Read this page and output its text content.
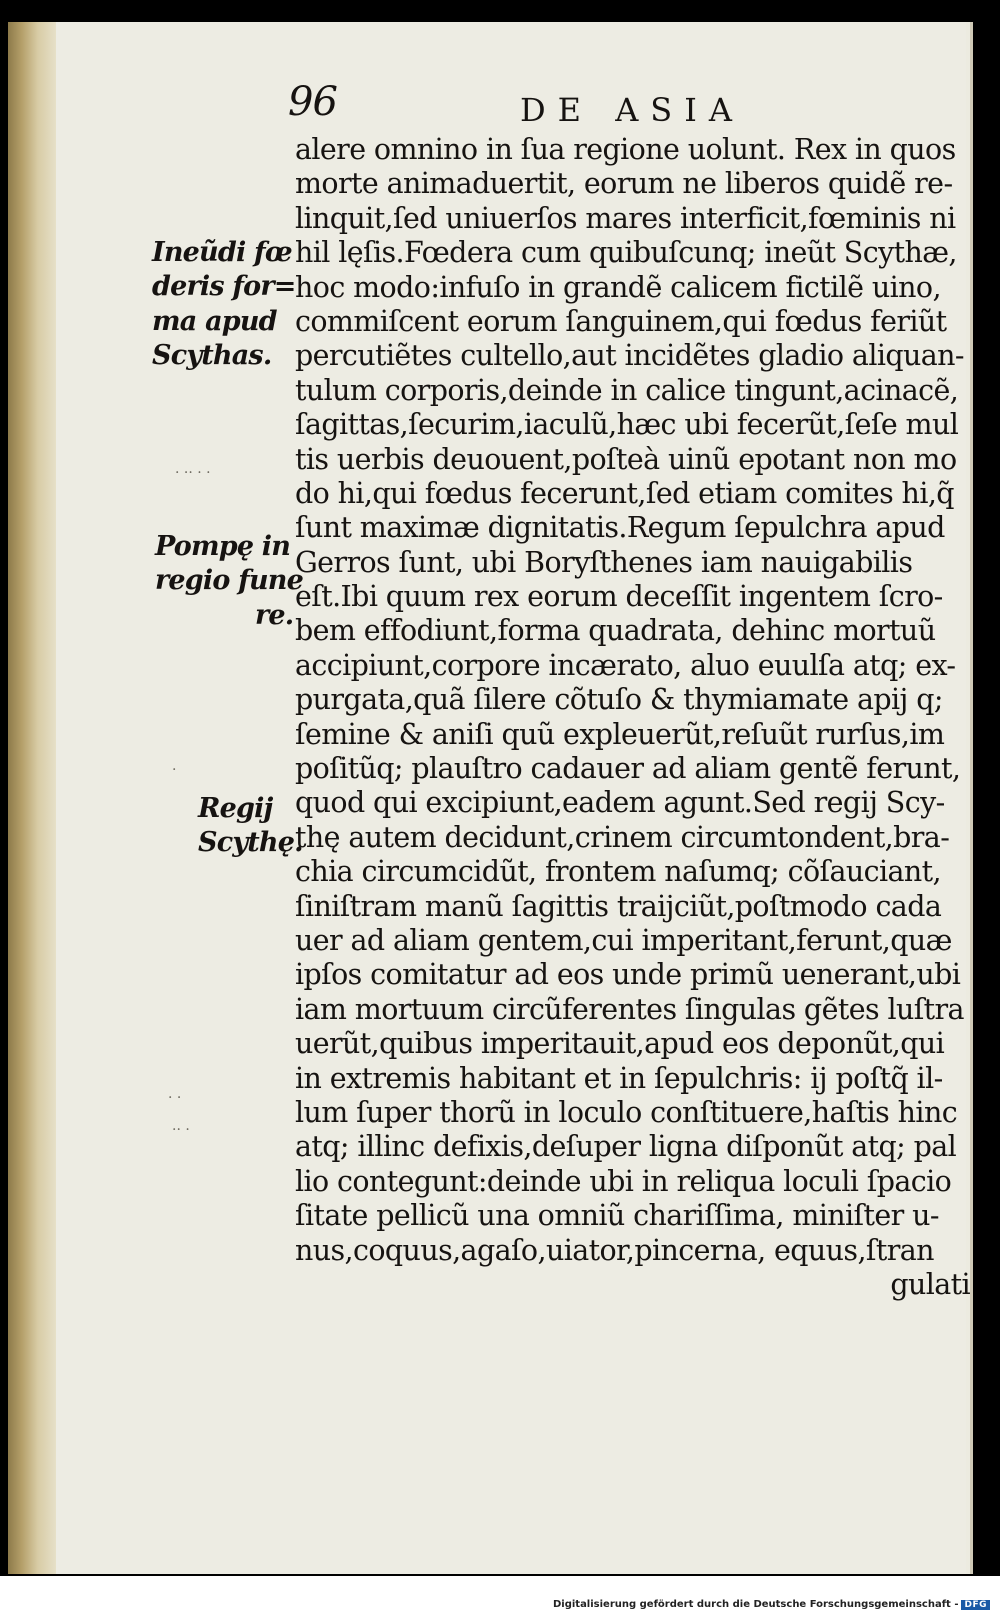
96	DE ASIA
Ineũdi fœ
deris for=
ma apud
Scythas.
Pompę in
regio fune
re.
Regij
Scythę.
alere omnino in ſua regione uolunt. Rex in quos
morte animaduertit, eorum ne liberos quidẽ re-
linquit,ſed uniuerſos mares interficit,fœminis ni
hil lęſis.Fœdera cum quibuſcunq; ineũt Scythæ,
hoc modo:infuſo in grandẽ calicem fictilẽ uino,
commiſcent eorum ſanguinem,qui fœdus feriũt
percutiẽtes cultello,aut incidẽtes gladio aliquan-
tulum corporis,deinde in calice tingunt,acinacẽ,
ſagittas,ſecurim,iaculũ,hæc ubi fecerũt,ſeſe mul
tis uerbis deuouent,poſteà uinũ epotant non mo
do hi,qui fœdus fecerunt,ſed etiam comites hi,q̃
ſunt maximæ dignitatis.Regum ſepulchra apud
Gerros ſunt, ubi Boryſthenes iam nauigabilis
eſt.Ibi quum rex eorum deceſſit ingentem ſcro-
bem effodiunt,forma quadrata, dehinc mortuũ
accipiunt,corpore incærato, aluo euulſa atq; ex-
purgata,quã ſilere cõtuſo & thymiamate apij q;
ſemine & aniſi quũ expleuerũt,reſuũt rurſus,im
poſitũq; plauſtro cadauer ad aliam gentẽ ferunt,
quod qui excipiunt,eadem agunt.Sed regij Scy-
thę autem decidunt,crinem circumtondent,bra-
chia circumcidũt, frontem naſumq; cõſauciant,
ſiniſtram manũ ſagittis traijciũt,poſtmodo cada
uer ad aliam gentem,cui imperitant,ferunt,quæ
ipſos comitatur ad eos unde primũ uenerant,ubi
iam mortuum circũferentes ſingulas gẽtes luſtra
uerũt,quibus imperitauit,apud eos deponũt,qui
in extremis habitant et in ſepulchris: ij poſtq̃ il-
lum ſuper thorũ in loculo conſtituere,haſtis hinc
atq; illinc defixis,deſuper ligna diſponũt atq; pal
lio contegunt:deinde ubi in reliqua loculi ſpacio
ſitate pellicũ una omniũ chariſſima, miniſter u-
nus,coquus,agaſo,uiator,pincerna, equus,ſtran
gulati
· ·· · ·
· ·
·· ·
·
Digitalisierung gefördert durch die Deutsche Forschungsgemeinschaft - DFG
